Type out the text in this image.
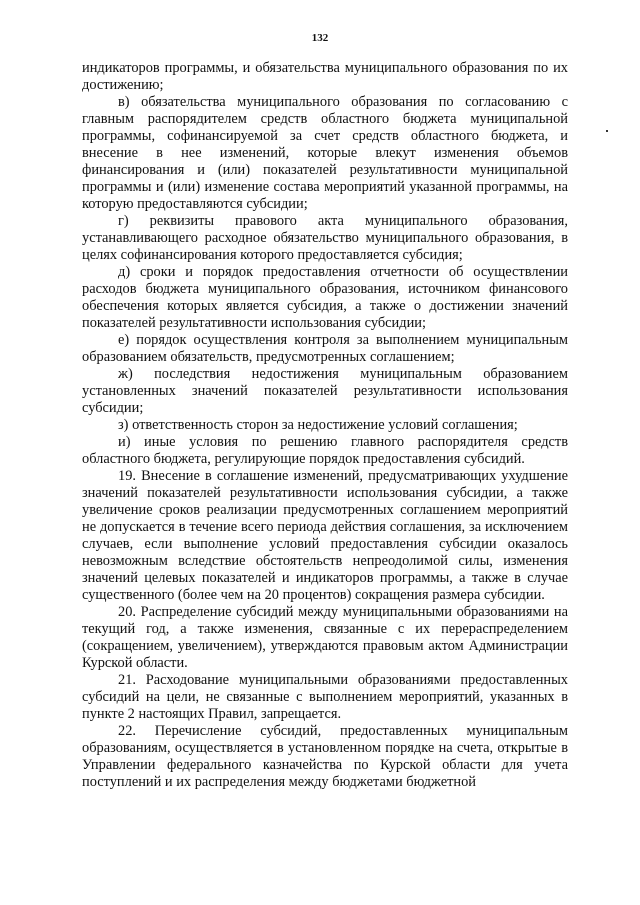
132

индикаторов программы, и обязательства муниципального образования по их достижению;

в) обязательства муниципального образования по согласованию с главным распорядителем средств областного бюджета муниципальной программы, софинансируемой за счет средств областного бюджета, и внесение в нее изменений, которые влекут изменения объемов финансирования и (или) показателей результативности муниципальной программы и (или) изменение состава мероприятий указанной программы, на которую предоставляются субсидии;

г) реквизиты правового акта муниципального образования, устанавливающего расходное обязательство муниципального образования, в целях софинансирования которого предоставляется субсидия;

д) сроки и порядок предоставления отчетности об осуществлении расходов бюджета муниципального образования, источником финансового обеспечения которых является субсидия, а также о достижении значений показателей результативности использования субсидии;

е) порядок осуществления контроля за выполнением муниципальным образованием обязательств, предусмотренных соглашением;

ж) последствия недостижения муниципальным образованием установленных значений показателей результативности использования субсидии;

з) ответственность сторон за недостижение условий соглашения;

и) иные условия по решению главного распорядителя средств областного бюджета, регулирующие порядок предоставления субсидий.

19. Внесение в соглашение изменений, предусматривающих ухудшение значений показателей результативности использования субсидии, а также увеличение сроков реализации предусмотренных соглашением мероприятий не допускается в течение всего периода действия соглашения, за исключением случаев, если выполнение условий предоставления субсидии оказалось невозможным вследствие обстоятельств непреодолимой силы, изменения значений целевых показателей и индикаторов программы, а также в случае существенного (более чем на 20 процентов) сокращения размера субсидии.

20. Распределение субсидий между муниципальными образованиями на текущий год, а также изменения, связанные с их перераспределением (сокращением, увеличением), утверждаются правовым актом Администрации Курской области.

21. Расходование муниципальными образованиями предоставленных субсидий на цели, не связанные с выполнением мероприятий, указанных в пункте 2 настоящих Правил, запрещается.

22. Перечисление субсидий, предоставленных муниципальным образованиям, осуществляется в установленном порядке на счета, открытые в Управлении федерального казначейства по Курской области для учета поступлений и их распределения между бюджетами бюджетной
